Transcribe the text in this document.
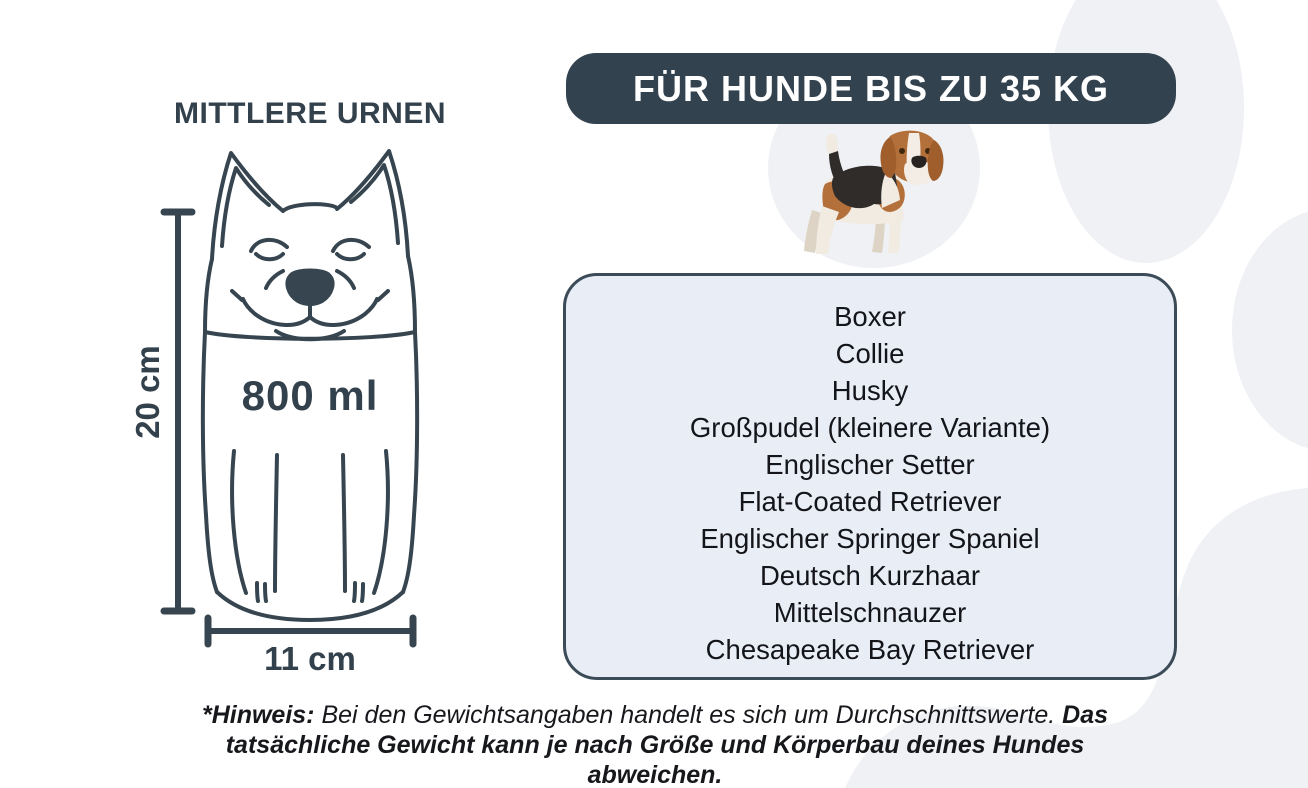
MITTLERE URNEN
800 ml
20 cm
11 cm
FÜR HUNDE BIS ZU 35 KG
Boxer
Collie
Husky
Großpudel (kleinere Variante)
Englischer Setter
Flat-Coated Retriever
Englischer Springer Spaniel
Deutsch Kurzhaar
Mittelschnauzer
Chesapeake Bay Retriever
*Hinweis: Bei den Gewichtsangaben handelt es sich um Durchschnittswerte. Das tatsächliche Gewicht kann je nach Größe und Körperbau deines Hundes abweichen.
